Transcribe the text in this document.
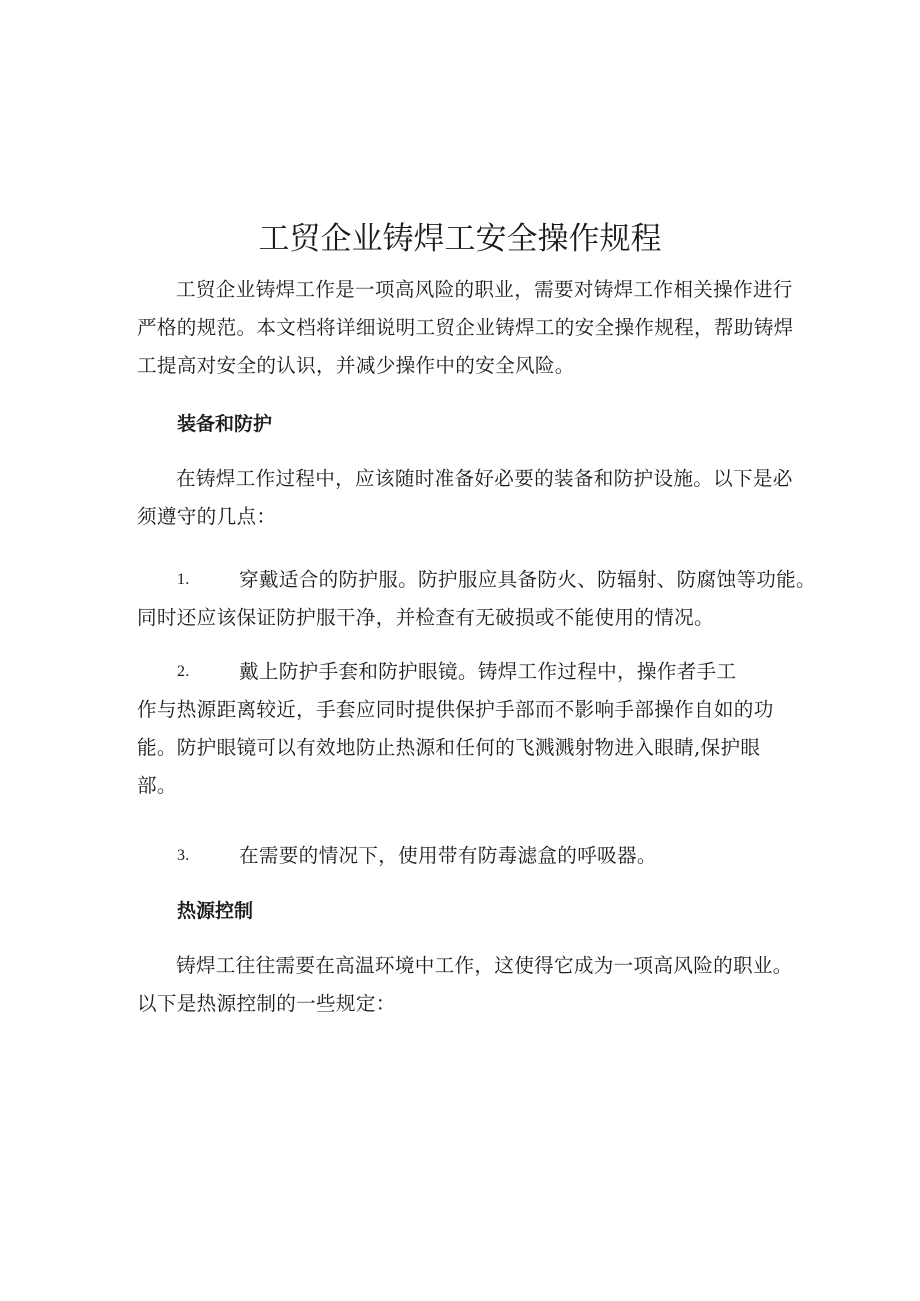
工贸企业铸焊工安全操作规程

工贸企业铸焊工作是一项高风险的职业，需要对铸焊工作相关操作进行严格的规范。本文档将详细说明工贸企业铸焊工的安全操作规程，帮助铸焊工提高对安全的认识，并减少操作中的安全风险。

装备和防护

在铸焊工作过程中，应该随时准备好必要的装备和防护设施。以下是必须遵守的几点：

1.	穿戴适合的防护服。防护服应具备防火、防辐射、防腐蚀等功能。
同时还应该保证防护服干净，并检查有无破损或不能使用的情况。
2.	戴上防护手套和防护眼镜。铸焊工作过程中，操作者手工
作与热源距离较近，手套应同时提供保护手部而不影响手部操作自如的功
能。防护眼镜可以有效地防止热源和任何的飞溅溅射物进入眼睛,保护眼
部。
3.	在需要的情况下，使用带有防毒滤盒的呼吸器。
热源控制

铸焊工往往需要在高温环境中工作，这使得它成为一项高风险的职业。以下是热源控制的一些规定：
